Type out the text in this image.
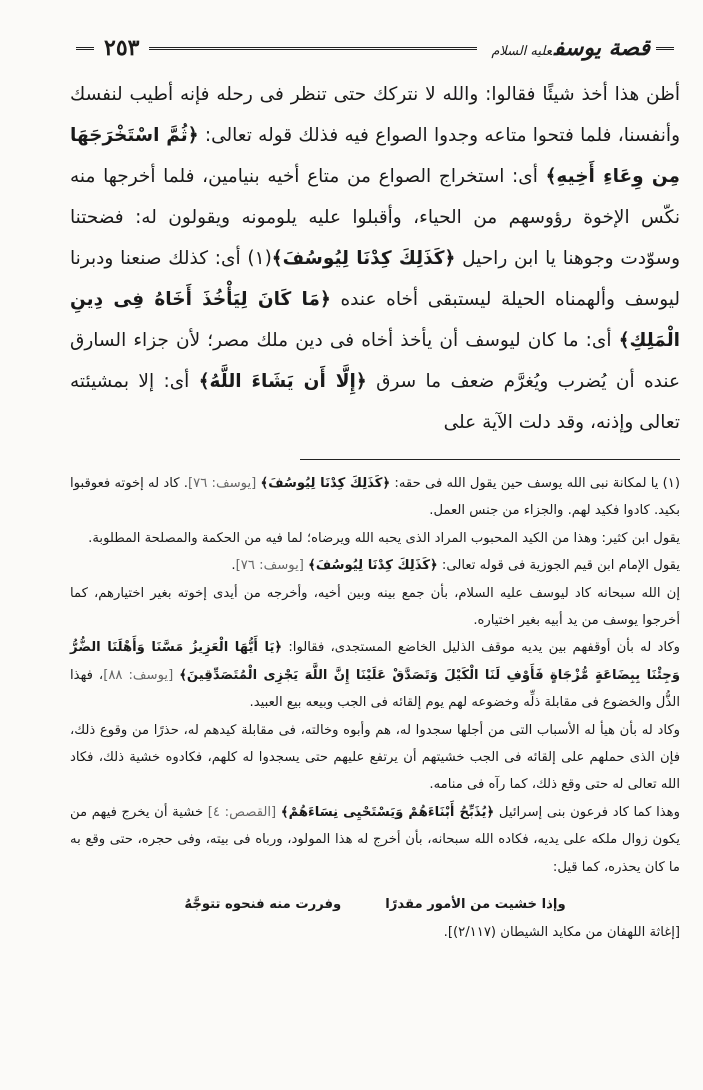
قصة يوسفعليه السلام
٢٥٣

أظن هذا أخذ شيئًا فقالوا: والله لا نتركك حتى تنظر فى رحله فإنه أطيب لنفسك وأنفسنا، فلما فتحوا متاعه وجدوا الصواع فيه فذلك قوله تعالى: ﴿ثُمَّ اسْتَخْرَجَهَا مِن وِعَاءِ أَخِيهِ﴾ أى: استخراج الصواع من متاع أخيه بنيامين، فلما أخرجها منه نكّس الإخوة رؤوسهم من الحياء، وأقبلوا عليه يلومونه ويقولون له: فضحتنا وسوّدت وجوهنا يا ابن راحيل ﴿كَذَلِكَ كِدْنَا لِيُوسُفَ﴾(١) أى: كذلك صنعنا ودبرنا ليوسف وألهمناه الحيلة ليستبقى أخاه عنده ﴿مَا كَانَ لِيَأْخُذَ أَخَاهُ فِى دِينِ الْمَلِكِ﴾ أى: ما كان ليوسف أن يأخذ أخاه فى دين ملك مصر؛ لأن جزاء السارق عنده أن يُضرب ويُغرَّم ضعف ما سرق ﴿إِلَّا أَن يَشَاءَ اللَّهُ﴾ أى: إلا بمشيئته تعالى وإذنه، وقد دلت الآية على

(١) يا لمكانة نبى الله يوسف حين يقول الله فى حقه: ﴿كَذَلِكَ كِدْنَا لِيُوسُفَ﴾ [يوسف: ٧٦]. كاد له إخوته فعوقبوا بكيد. كادوا فكيد لهم. والجزاء من جنس العمل.

يقول ابن كثير: وهذا من الكيد المحبوب المراد الذى يحبه الله ويرضاه؛ لما فيه من الحكمة والمصلحة المطلوبة.

يقول الإمام ابن قيم الجوزية فى قوله تعالى: ﴿كَذَلِكَ كِدْنَا لِيُوسُفَ﴾ [يوسف: ٧٦].

إن الله سبحانه كاد ليوسف عليه السلام، بأن جمع بينه وبين أخيه، وأخرجه من أيدى إخوته بغير اختيارهم، كما أخرجوا يوسف من يد أبيه بغير اختياره.

وكاد له بأن أوقفهم بين يديه موقف الذليل الخاضع المستجدى، فقالوا: ﴿يَا أَيُّهَا الْعَزِيزُ مَسَّنَا وَأَهْلَنَا الضُّرُّ وَجِئْنَا بِبِضَاعَةٍ مُّزْجَاةٍ فَأَوْفِ لَنَا الْكَيْلَ وَتَصَدَّقْ عَلَيْنَا إِنَّ اللَّهَ يَجْزِى الْمُتَصَدِّقِينَ﴾ [يوسف: ٨٨]، فهذا الذُّل والخضوع فى مقابلة ذلِّه وخضوعه لهم يوم إلقائه فى الجب وبيعه بيع العبيد.

وكاد له بأن هيأ له الأسباب التى من أجلها سجدوا له، هم وأبوه وخالته، فى مقابلة كيدهم له، حذرًا من وقوع ذلك، فإن الذى حملهم على إلقائه فى الجب خشيتهم أن يرتفع عليهم حتى يسجدوا له كلهم، فكادوه خشية ذلك، فكاد الله تعالى له حتى وقع ذلك، كما رآه فى منامه.

وهذا كما كاد فرعون بنى إسرائيل ﴿يُذَبِّحُ أَبْنَاءَهُمْ وَيَسْتَحْيِى نِسَاءَهُمْ﴾ [القصص: ٤] خشية أن يخرج فيهم من يكون زوال ملكه على يديه، فكاده الله سبحانه، بأن أخرج له هذا المولود، ورباه فى بيته، وفى حجره، حتى وقع به ما كان يحذره، كما قيل:

وإذا خشيت من الأمور مقدرًا
وفررت منه فنحوه تتوجَّهُ

[إغاثة اللهفان من مكايد الشيطان (٢/١١٧)].
